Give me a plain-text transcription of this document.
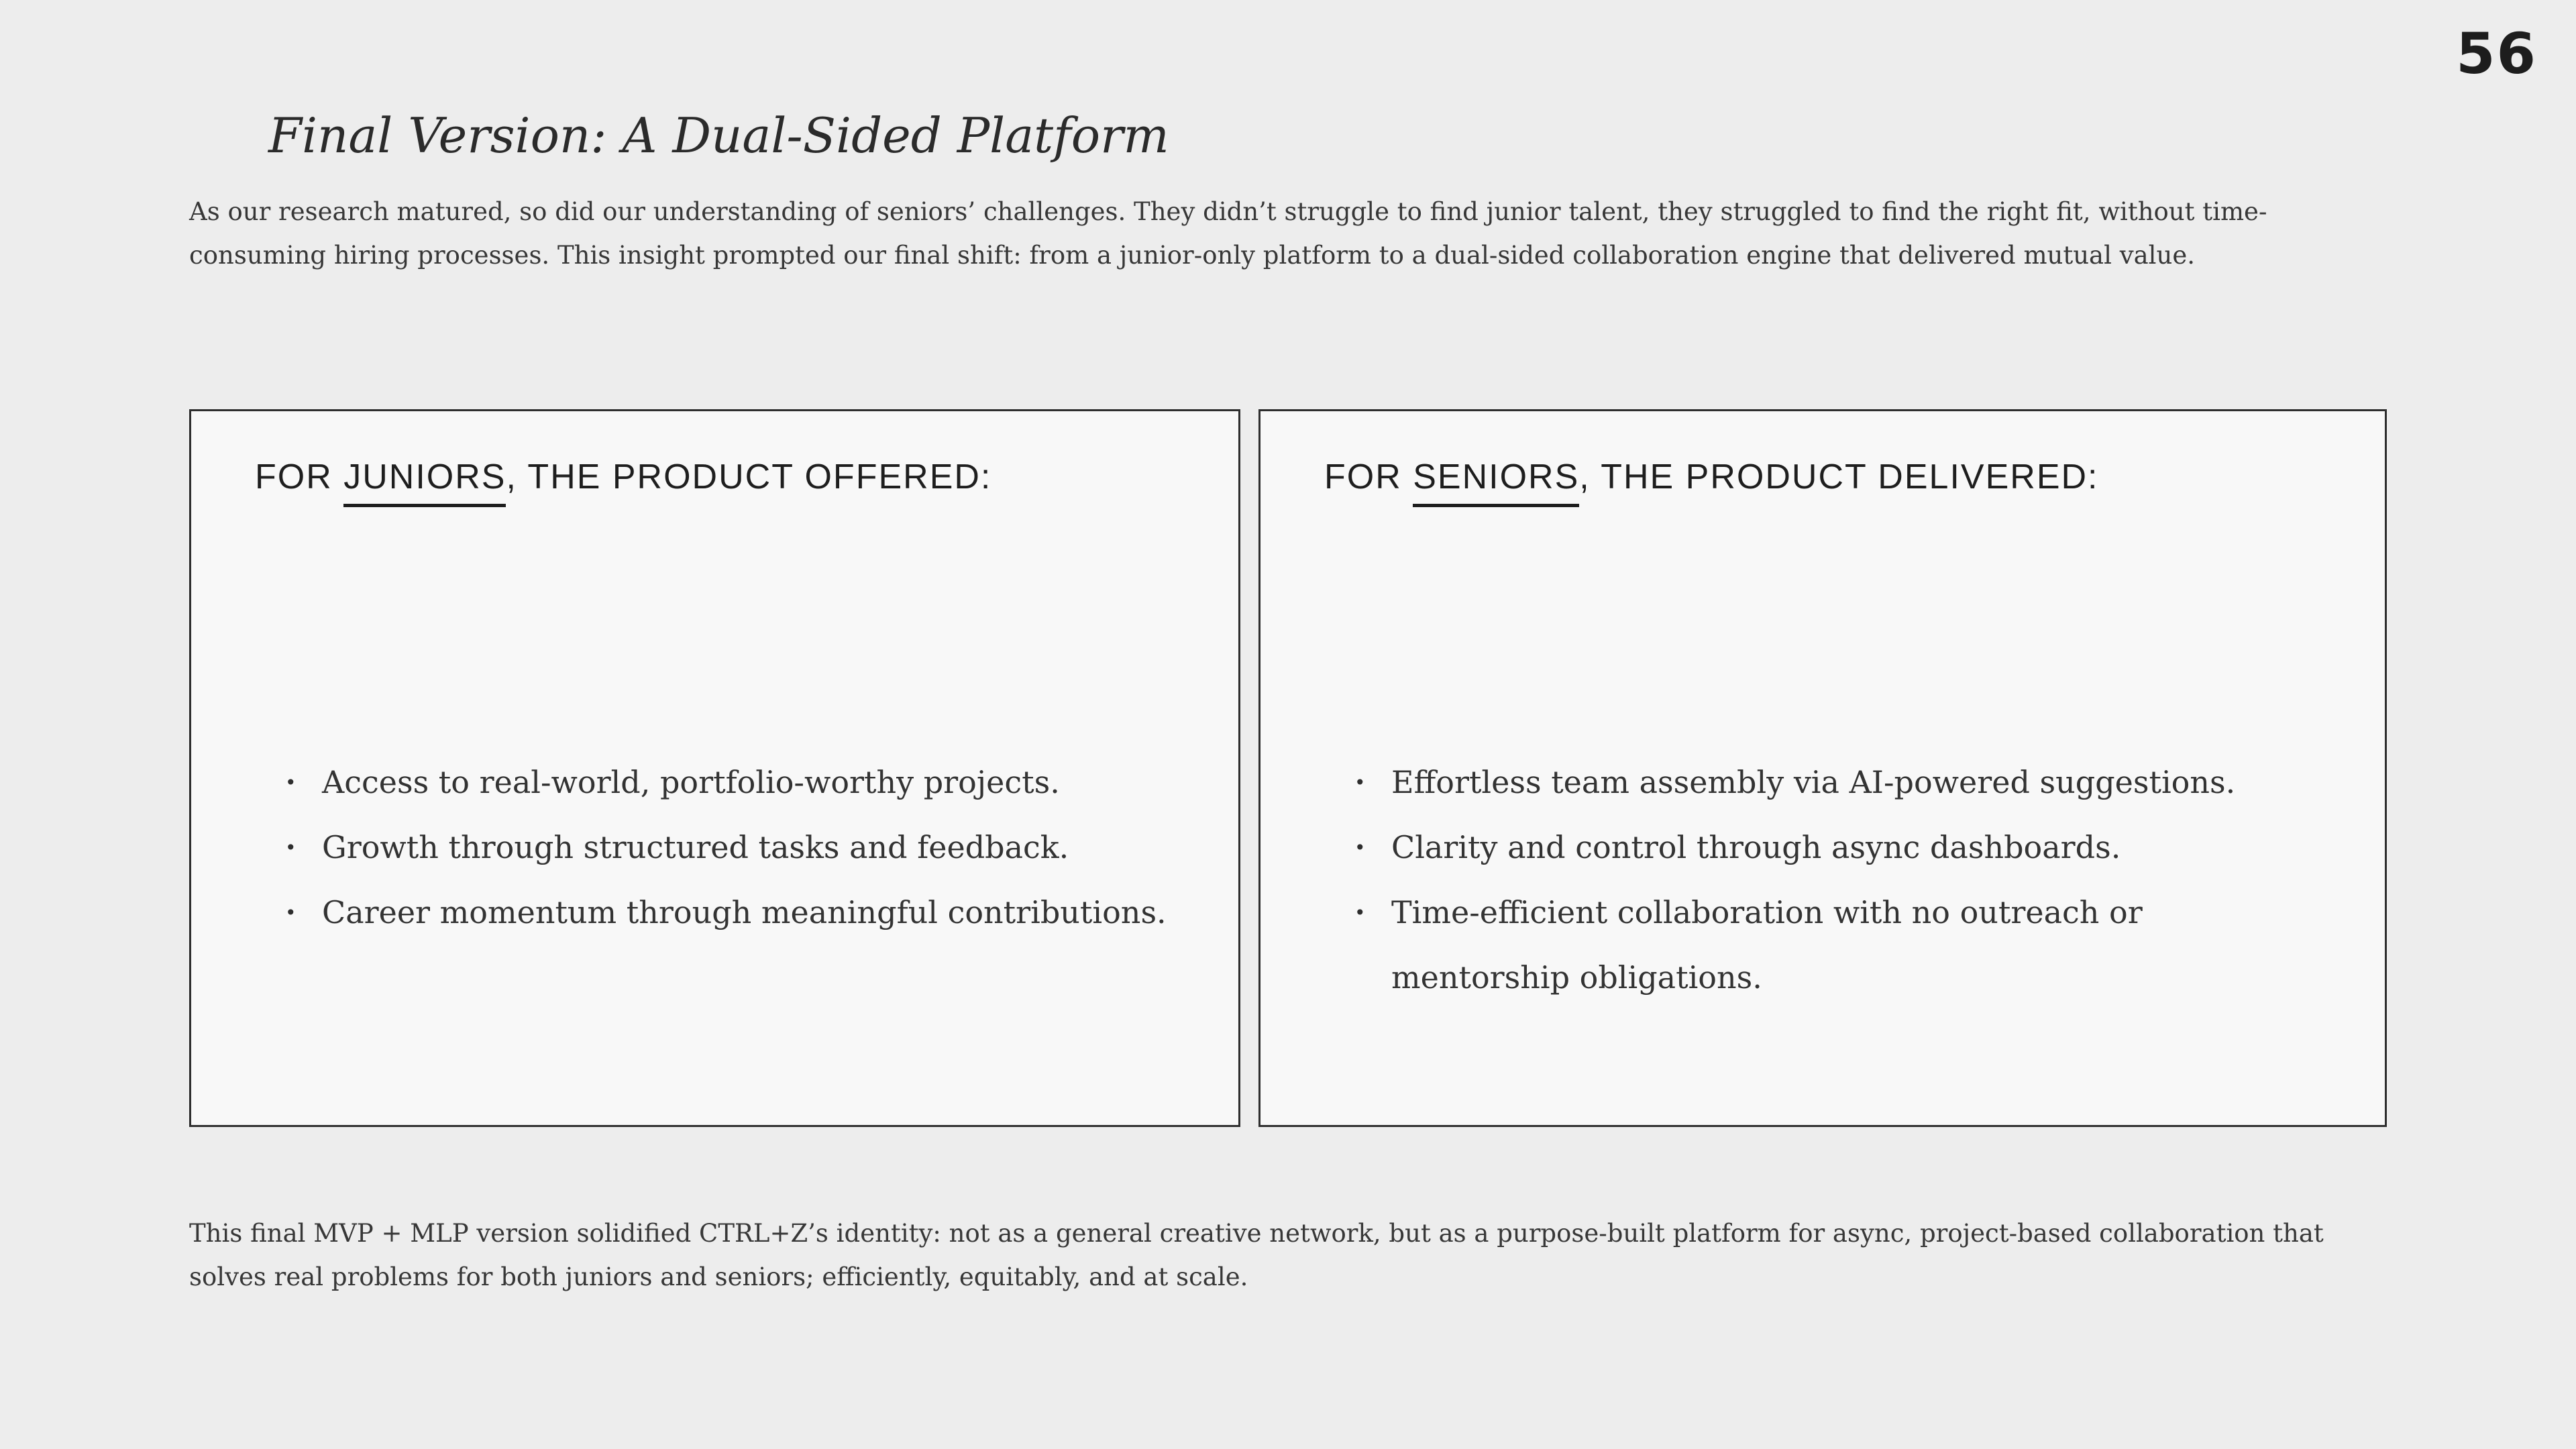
56
Final Version: A Dual-Sided Platform

As our research matured, so did our understanding of seniors’ challenges. They didn’t struggle to find junior talent, they struggled to find the right fit, without time-consuming hiring processes. This insight prompted our final shift: from a junior-only platform to a dual-sided collaboration engine that delivered mutual value.

FOR JUNIORS, THE PRODUCT OFFERED:
• Access to real-world, portfolio-worthy projects.
• Growth through structured tasks and feedback.
• Career momentum through meaningful contributions.
FOR SENIORS, THE PRODUCT DELIVERED:
• Effortless team assembly via AI-powered suggestions.
• Clarity and control through async dashboards.
• Time-efficient collaboration with no outreach or mentorship obligations.

This final MVP + MLP version solidified CTRL+Z’s identity: not as a general creative network, but as a purpose-built platform for async, project-based collaboration that solves real problems for both juniors and seniors; efficiently, equitably, and at scale.
